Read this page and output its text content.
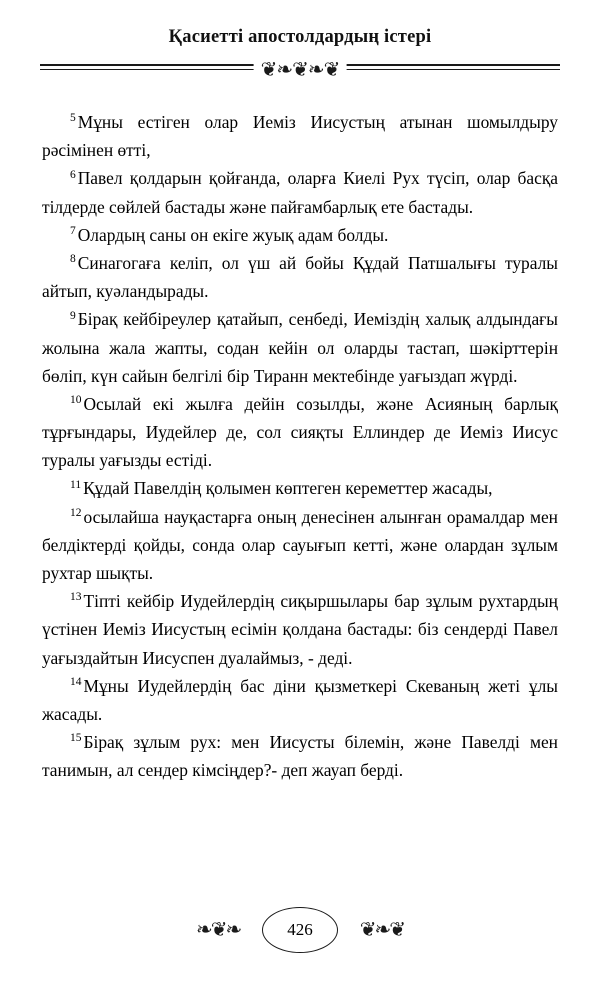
Қасиетті апостолдардың істері
❦❧❦❧❦

$^5$ Мұны естіген олар Иеміз Иисустың атынан шомылдыру рәсімінен өтті,

$^6$ Павел қолдарын қойғанда, оларға Киелі Рух түсіп, олар басқа тілдерде сөйлей бастады және пайғамбарлық ете бастады.

$^7$ Олардың саны он екіге жуық адам болды.

$^8$ Синагогаға келіп, ол үш ай бойы Құдай Патшалығы туралы айтып, куәландырады.

$^9$ Бірақ кейбіреулер қатайып, сенбеді, Иеміздің халық алдындағы жолына жала жапты, содан кейін ол оларды тастап, шәкірттерін бөліп, күн сайын белгілі бір Тиранн мектебінде уағыздап жүрді.

$^{10}$ Осылай екі жылға дейін созылды, және Асияның барлық тұрғындары, Иудейлер де, сол сияқты Еллиндер де Иеміз Иисус туралы уағызды естіді.

$^{11}$ Құдай Павелдің қолымен көптеген кереметтер жасады,

$^{12}$ осылайша науқастарға оның денесінен алынған орамалдар мен белдіктерді қойды, сонда олар сауығып кетті, және олардан зұлым рухтар шықты.

$^{13}$ Тіпті кейбір Иудейлердің сиқыршылары бар зұлым рухтардың үстінен Иеміз Иисустың есімін қолдана бастады: біз сендерді Павел уағыздайтын Иисуспен дуалаймыз, - деді.

$^{14}$ Мұны Иудейлердің бас діни қызметкері Скеваның жеті ұлы жасады.

$^{15}$ Бірақ зұлым рух: мен Иисусты білемін, және Павелді мен танимын, ал сендер кімсіңдер?- деп жауап берді.

❧❦❧	426	❦❧❦
